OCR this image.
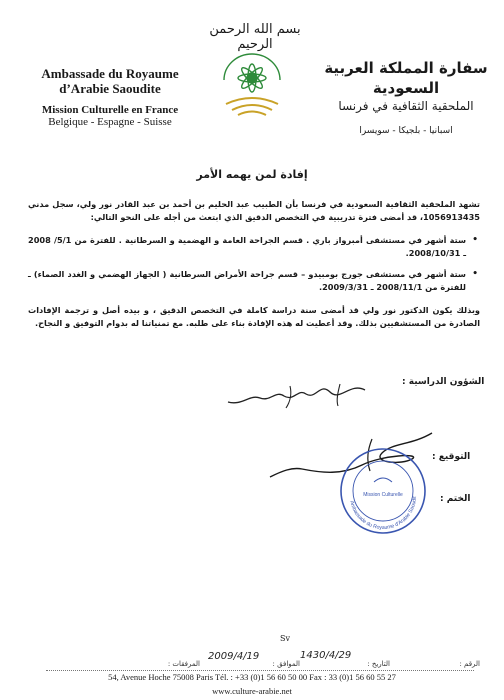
بسم الله الرحمن الرحيم
Ambassade du Royaume
d’Arabie Saoudite
Mission Culturelle en France
Belgique - Espagne - Suisse
سفارة المملكة العربية السعودية
الملحقية الثقافية في فرنسا
اسبانيا - بلجيكا - سويسرا
إفادة لمن يهمه الأمر

تشهد الملحقية الثقافية السعودية في فرنسا بأن الطبيب عبد الحليم بن أحمد بن عبد القادر نور ولي، سجل مدني 1056913435، قد أمضى فترة تدريبية في التخصص الدقيق الذي ابتعث من أجله على النحو التالي:

• ستة أشهر في مستشفى أمبرواز باري . قسم الجراحة العامة و الهضمية و السرطانية . للفترة من 5/1/ 2008 ـ 2008/10/31.
• ستة أشهر في مستشفى جورج بومبيدو – قسم جراحة الأمراض السرطانية ( الجهاز الهضمي و الغدد الصماء) ـ للفترة من 2008/11/1 ـ 2009/3/31.

وبذلك يكون الدكتور نور ولي قد أمضى سنة دراسة كاملة في التخصص الدقيق ، و بيده أصل و ترجمة الإفادات الصادرة من المستشفيين بذلك. وقد أعطيت له هذه الإفادة بناء على طلبه. مع تمنياتنا له بدوام التوفيق و النجاح.

الشؤون الدراسية :
التوقيع :
الختم :
Ambassade du Royaume d'Arabie Saoudit
Mission Culturelle
Sv
الرقم :
التاريخ :
الموافق :
المرفقات :
1430/4/29
2009/4/19
54, Avenue Hoche 75008 Paris Tél. : +33 (0)1 56 60 50 00 Fax : 33 (0)1 56 60 55 27
www.culture-arabie.net
